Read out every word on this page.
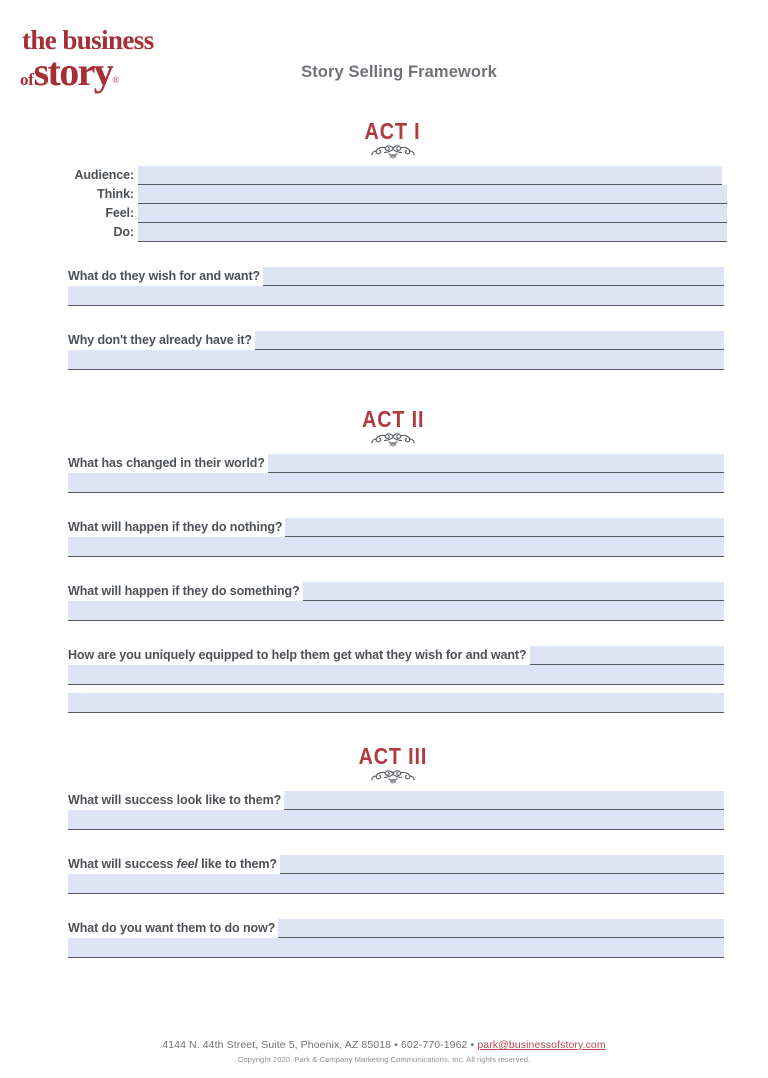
the business
ofstory®	Story Selling Framework
ACT I
Audience:
Think:
Feel:
Do:
What do they wish for and want?
Why don't they already have it?
ACT II
What has changed in their world?
What will happen if they do nothing?
What will happen if they do something?
How are you uniquely equipped to help them get what they wish for and want?
ACT III
What will success look like to them?
What will success feel like to them?
What do you want them to do now?
4144 N. 44th Street, Suite 5, Phoenix, AZ 85018 • 602-770-1962 • park@businessofstory.com
Copyright 2020. Park & Company Marketing Communications, Inc. All rights reserved.
